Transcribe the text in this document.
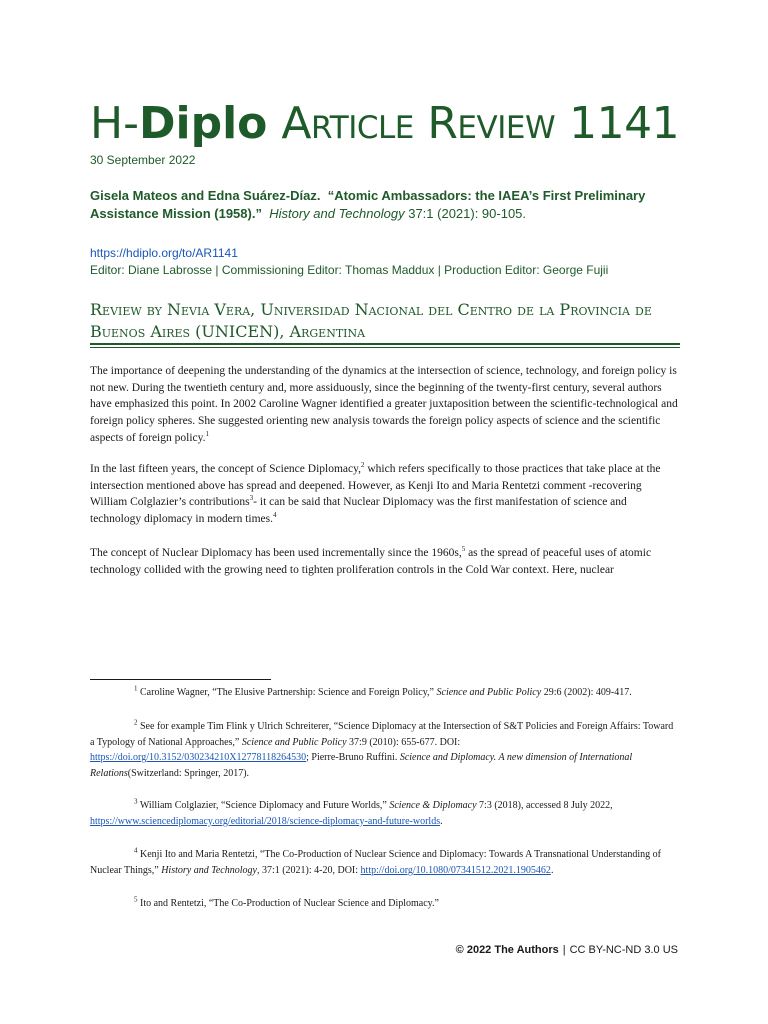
H-Diplo Article Review 1141
30 September 2022
Gisela Mateos and Edna Suárez-Díaz. “Atomic Ambassadors: the IAEA’s First Preliminary Assistance Mission (1958).” History and Technology 37:1 (2021): 90-105.
https://hdiplo.org/to/AR1141
Editor: Diane Labrosse | Commissioning Editor: Thomas Maddux | Production Editor: George Fujii
Review by Nevia Vera, Universidad Nacional del Centro de la Provincia de Buenos Aires (UNICEN), Argentina
The importance of deepening the understanding of the dynamics at the intersection of science, technology, and foreign policy is not new. During the twentieth century and, more assiduously, since the beginning of the twenty-first century, several authors have emphasized this point. In 2002 Caroline Wagner identified a greater juxtaposition between the scientific-technological and foreign policy spheres. She suggested orienting new analysis towards the foreign policy aspects of science and the scientific aspects of foreign policy.$^1$
In the last fifteen years, the concept of Science Diplomacy,$^2$ which refers specifically to those practices that take place at the intersection mentioned above has spread and deepened. However, as Kenji Ito and Maria Rentetzi comment -recovering William Colglazier’s contributions$^3$- it can be said that Nuclear Diplomacy was the first manifestation of science and technology diplomacy in modern times.$^4$
The concept of Nuclear Diplomacy has been used incrementally since the 1960s,$^5$ as the spread of peaceful uses of atomic technology collided with the growing need to tighten proliferation controls in the Cold War context. Here, nuclear
$^1$ Caroline Wagner, “The Elusive Partnership: Science and Foreign Policy,” Science and Public Policy 29:6 (2002): 409-417.
$^2$ See for example Tim Flink y Ulrich Schreiterer, “Science Diplomacy at the Intersection of S&T Policies and Foreign Affairs: Toward a Typology of National Approaches,” Science and Public Policy 37:9 (2010): 655-677. DOI: https://doi.org/10.3152/030234210X12778118264530; Pierre-Bruno Ruffini. Science and Diplomacy. A new dimension of International Relations(Switzerland: Springer, 2017).
$^3$ William Colglazier, “Science Diplomacy and Future Worlds,” Science & Diplomacy 7:3 (2018), accessed 8 July 2022, https://www.sciencediplomacy.org/editorial/2018/science-diplomacy-and-future-worlds.
$^4$ Kenji Ito and Maria Rentetzi, “The Co-Production of Nuclear Science and Diplomacy: Towards A Transnational Understanding of Nuclear Things,” History and Technology, 37:1 (2021): 4-20, DOI: http://doi.org/10.1080/07341512.2021.1905462.
$^5$ Ito and Rentetzi, “The Co-Production of Nuclear Science and Diplomacy.”
© 2022 The Authors | CC BY-NC-ND 3.0 US
